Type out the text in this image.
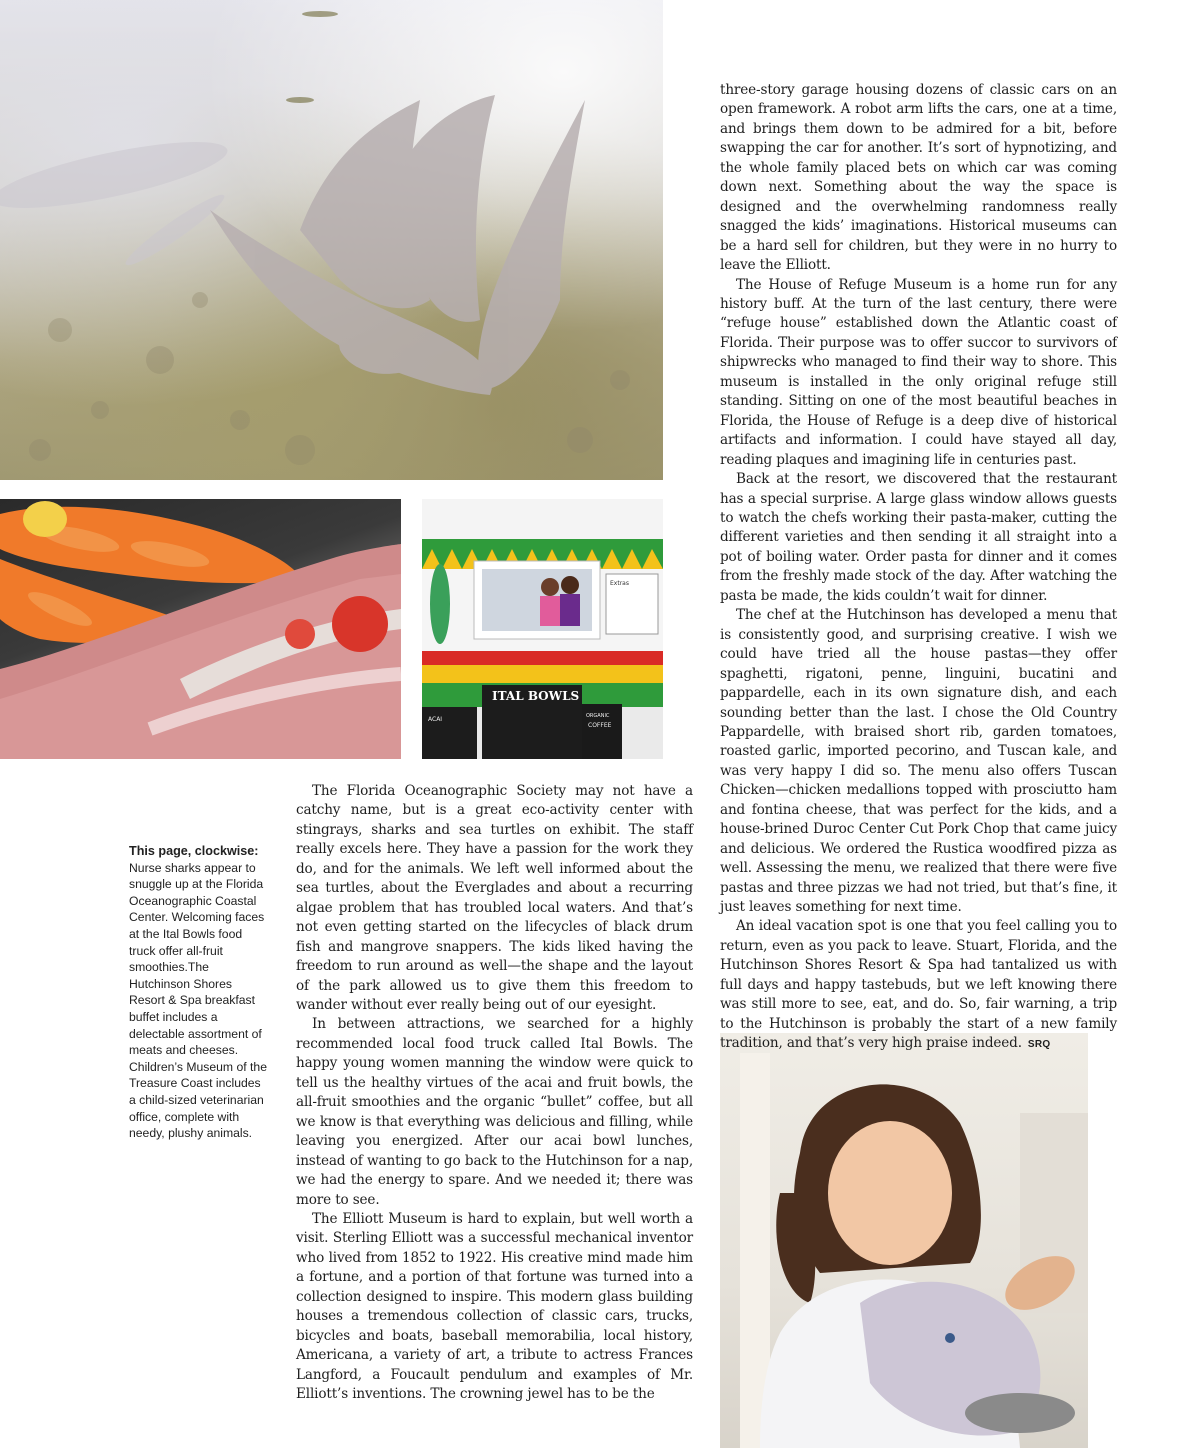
Extras
ITAL BOWLS
ACAI	ORGANIC
COFFEE
This page, clockwise: Nurse sharks appear to snuggle up at the Florida Oceanographic Coastal Center. Welcoming faces at the Ital Bowls food truck offer all-fruit smoothies.The Hutchinson Shores Resort & Spa breakfast buffet includes a delectable assortment of meats and cheeses. Children’s Museum of the Treasure Coast includes a child-sized veterinarian office, complete with needy, plushy animals.

The Florida Oceanographic Society may not have a catchy name, but is a great eco-activity center with stingrays, sharks and sea turtles on exhibit. The staff really excels here. They have a passion for the work they do, and for the animals. We left well informed about the sea turtles, about the Everglades and about a recurring algae problem that has troubled local waters. And that’s not even getting started on the lifecycles of black drum fish and mangrove snappers. The kids liked having the freedom to run around as well—the shape and the layout of the park allowed us to give them this freedom to wander without ever really being out of our eyesight.

In between attractions, we searched for a highly recommended local food truck called Ital Bowls. The happy young women manning the window were quick to tell us the healthy virtues of the acai and fruit bowls, the all-fruit smoothies and the organic “bullet” coffee, but all we know is that everything was delicious and filling, while leaving you energized. After our acai bowl lunches, instead of wanting to go back to the Hutchinson for a nap, we had the energy to spare. And we needed it; there was more to see.

The Elliott Museum is hard to explain, but well worth a visit. Sterling Elliott was a successful mechanical inventor who lived from 1852 to 1922. His creative mind made him a fortune, and a portion of that fortune was turned into a collection designed to inspire. This modern glass building houses a tremendous collection of classic cars, trucks, bicycles and boats, baseball memorabilia, local history, Americana, a variety of art, a tribute to actress Frances Langford, a Foucault pendulum and examples of Mr. Elliott’s inventions. The crowning jewel has to be the

three-story garage housing dozens of classic cars on an open framework. A robot arm lifts the cars, one at a time, and brings them down to be admired for a bit, before swapping the car for another. It’s sort of hypnotizing, and the whole family placed bets on which car was coming down next. Something about the way the space is designed and the overwhelming randomness really snagged the kids’ imaginations. Historical museums can be a hard sell for children, but they were in no hurry to leave the Elliott.

The House of Refuge Museum is a home run for any history buff. At the turn of the last century, there were “refuge house” established down the Atlantic coast of Florida. Their purpose was to offer succor to survivors of shipwrecks who managed to find their way to shore. This museum is installed in the only original refuge still standing. Sitting on one of the most beautiful beaches in Florida, the House of Refuge is a deep dive of historical artifacts and information. I could have stayed all day, reading plaques and imagining life in centuries past.

Back at the resort, we discovered that the restaurant has a special surprise. A large glass window allows guests to watch the chefs working their pasta-maker, cutting the different varieties and then sending it all straight into a pot of boiling water. Order pasta for dinner and it comes from the freshly made stock of the day. After watching the pasta be made, the kids couldn’t wait for dinner.

The chef at the Hutchinson has developed a menu that is consistently good, and surprising creative. I wish we could have tried all the house pastas—they offer spaghetti, rigatoni, penne, linguini, bucatini and pappardelle, each in its own signature dish, and each sounding better than the last. I chose the Old Country Pappardelle, with braised short rib, garden tomatoes, roasted garlic, imported pecorino, and Tuscan kale, and was very happy I did so. The menu also offers Tuscan Chicken—chicken medallions topped with prosciutto ham and fontina cheese, that was perfect for the kids, and a house-brined Duroc Center Cut Pork Chop that came juicy and delicious. We ordered the Rustica woodfired pizza as well. Assessing the menu, we realized that there were five pastas and three pizzas we had not tried, but that’s fine, it just leaves something for next time.

An ideal vacation spot is one that you feel calling you to return, even as you pack to leave. Stuart, Florida, and the Hutchinson Shores Resort & Spa had tantalized us with full days and happy tastebuds, but we left knowing there was still more to see, eat, and do. So, fair warning, a trip to the Hutchinson is probably the start of a new family tradition, and that’s very high praise indeed. SRQ
